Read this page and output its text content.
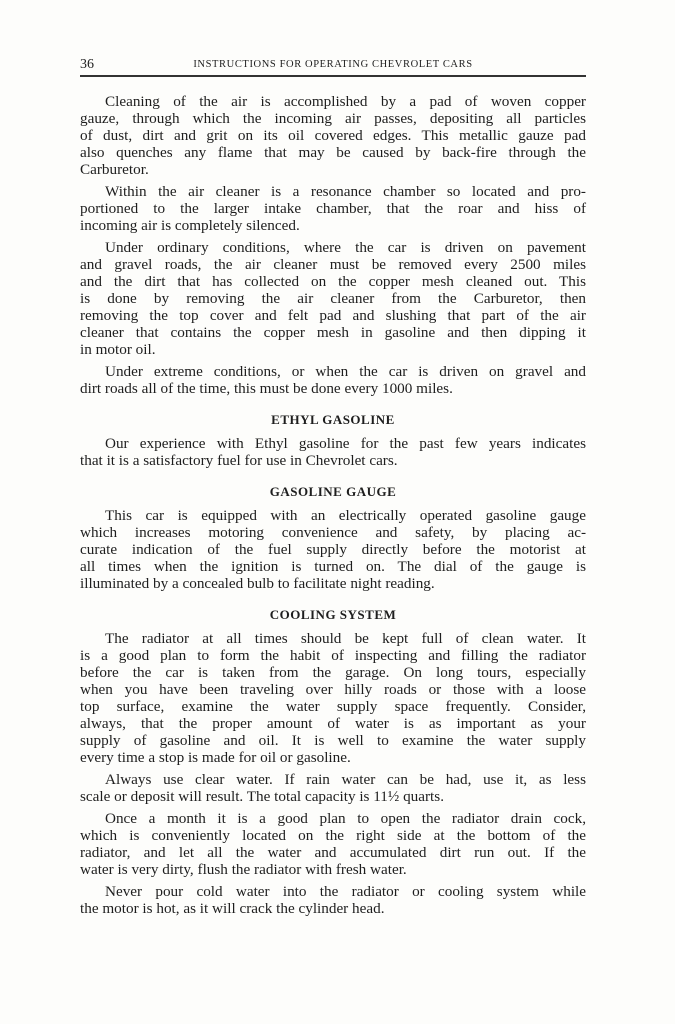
36	INSTRUCTIONS FOR OPERATING CHEVROLET CARS
Cleaning of the air is accomplished by a pad of woven copper
gauze, through which the incoming air passes, depositing all particles
of dust, dirt and grit on its oil covered edges. This metallic gauze pad
also quenches any flame that may be caused by back-fire through the
Carburetor.
Within the air cleaner is a resonance chamber so located and pro-
portioned to the larger intake chamber, that the roar and hiss of
incoming air is completely silenced.
Under ordinary conditions, where the car is driven on pavement
and gravel roads, the air cleaner must be removed every 2500 miles
and the dirt that has collected on the copper mesh cleaned out. This
is done by removing the air cleaner from the Carburetor, then
removing the top cover and felt pad and slushing that part of the air
cleaner that contains the copper mesh in gasoline and then dipping it
in motor oil.
Under extreme conditions, or when the car is driven on gravel and
dirt roads all of the time, this must be done every 1000 miles.
ETHYL GASOLINE
Our experience with Ethyl gasoline for the past few years indicates
that it is a satisfactory fuel for use in Chevrolet cars.
GASOLINE GAUGE
This car is equipped with an electrically operated gasoline gauge
which increases motoring convenience and safety, by placing ac-
curate indication of the fuel supply directly before the motorist at
all times when the ignition is turned on. The dial of the gauge is
illuminated by a concealed bulb to facilitate night reading.
COOLING SYSTEM
The radiator at all times should be kept full of clean water. It
is a good plan to form the habit of inspecting and filling the radiator
before the car is taken from the garage. On long tours, especially
when you have been traveling over hilly roads or those with a loose
top surface, examine the water supply space frequently. Consider,
always, that the proper amount of water is as important as your
supply of gasoline and oil. It is well to examine the water supply
every time a stop is made for oil or gasoline.
Always use clear water. If rain water can be had, use it, as less
scale or deposit will result. The total capacity is 11½ quarts.
Once a month it is a good plan to open the radiator drain cock,
which is conveniently located on the right side at the bottom of the
radiator, and let all the water and accumulated dirt run out. If the
water is very dirty, flush the radiator with fresh water.
Never pour cold water into the radiator or cooling system while
the motor is hot, as it will crack the cylinder head.
